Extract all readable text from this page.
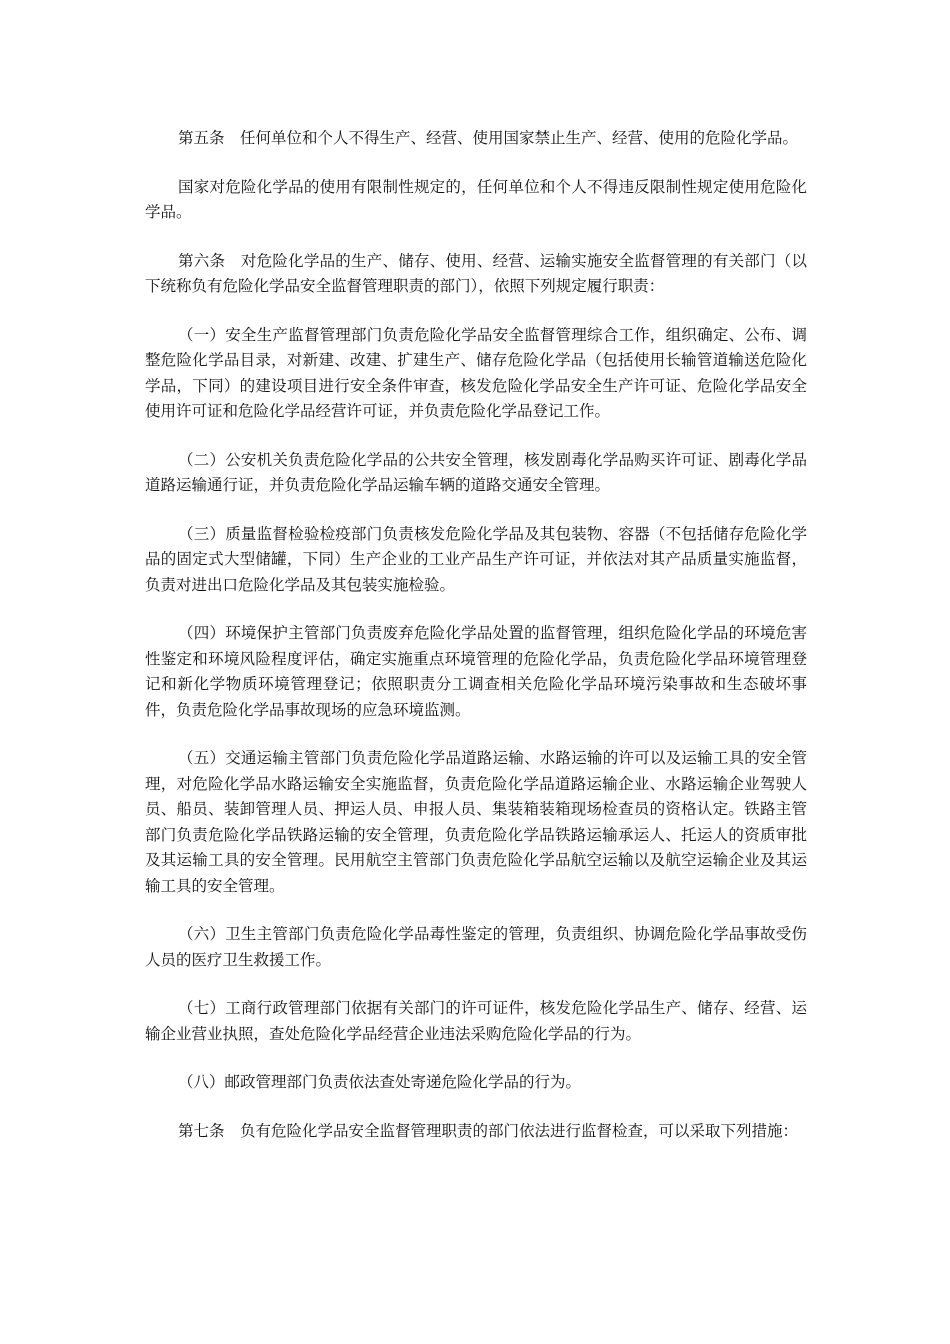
第五条　任何单位和个人不得生产、经营、使用国家禁止生产、经营、使用的危险化学品。

国家对危险化学品的使用有限制性规定的，任何单位和个人不得违反限制性规定使用危险化学品。

第六条　对危险化学品的生产、储存、使用、经营、运输实施安全监督管理的有关部门（以下统称负有危险化学品安全监督管理职责的部门），依照下列规定履行职责：

（一）安全生产监督管理部门负责危险化学品安全监督管理综合工作，组织确定、公布、调整危险化学品目录，对新建、改建、扩建生产、储存危险化学品（包括使用长输管道输送危险化学品，下同）的建设项目进行安全条件审查，核发危险化学品安全生产许可证、危险化学品安全使用许可证和危险化学品经营许可证，并负责危险化学品登记工作。

（二）公安机关负责危险化学品的公共安全管理，核发剧毒化学品购买许可证、剧毒化学品道路运输通行证，并负责危险化学品运输车辆的道路交通安全管理。

（三）质量监督检验检疫部门负责核发危险化学品及其包装物、容器（不包括储存危险化学品的固定式大型储罐，下同）生产企业的工业产品生产许可证，并依法对其产品质量实施监督，负责对进出口危险化学品及其包装实施检验。

（四）环境保护主管部门负责废弃危险化学品处置的监督管理，组织危险化学品的环境危害性鉴定和环境风险程度评估，确定实施重点环境管理的危险化学品，负责危险化学品环境管理登记和新化学物质环境管理登记；依照职责分工调查相关危险化学品环境污染事故和生态破坏事件，负责危险化学品事故现场的应急环境监测。

（五）交通运输主管部门负责危险化学品道路运输、水路运输的许可以及运输工具的安全管理，对危险化学品水路运输安全实施监督，负责危险化学品道路运输企业、水路运输企业驾驶人员、船员、装卸管理人员、押运人员、申报人员、集装箱装箱现场检查员的资格认定。铁路主管部门负责危险化学品铁路运输的安全管理，负责危险化学品铁路运输承运人、托运人的资质审批及其运输工具的安全管理。民用航空主管部门负责危险化学品航空运输以及航空运输企业及其运输工具的安全管理。

（六）卫生主管部门负责危险化学品毒性鉴定的管理，负责组织、协调危险化学品事故受伤人员的医疗卫生救援工作。

（七）工商行政管理部门依据有关部门的许可证件，核发危险化学品生产、储存、经营、运输企业营业执照，查处危险化学品经营企业违法采购危险化学品的行为。

（八）邮政管理部门负责依法查处寄递危险化学品的行为。

第七条　负有危险化学品安全监督管理职责的部门依法进行监督检查，可以采取下列措施：
